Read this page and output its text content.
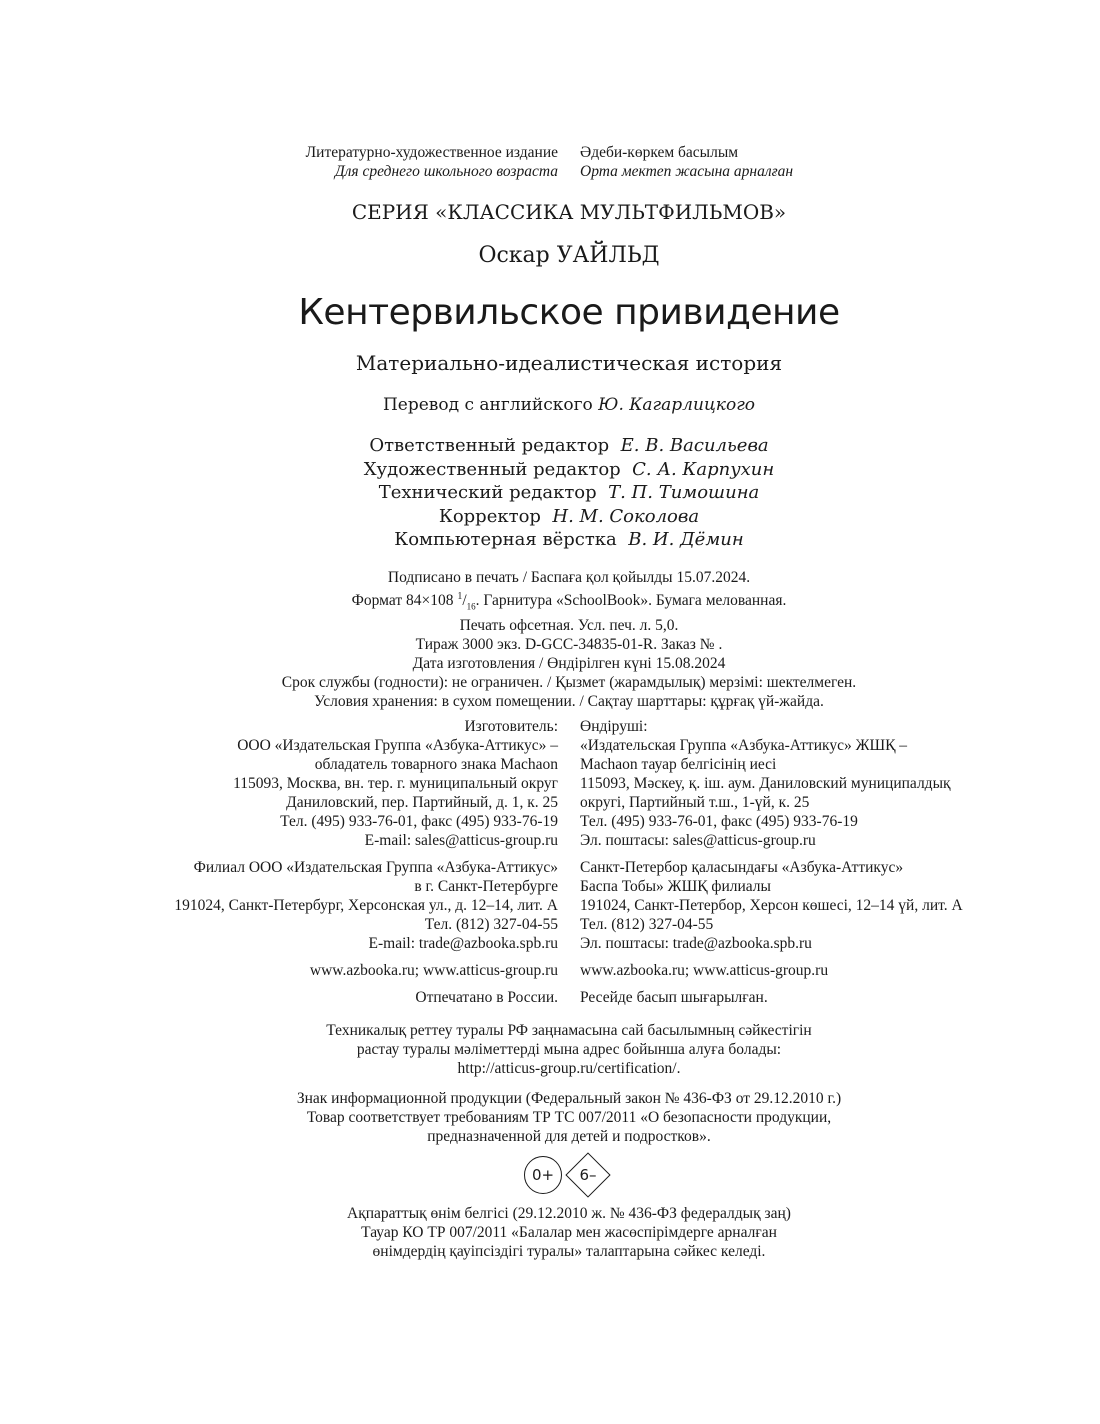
Литературно-художественное издание Әдеби-көркем басылым
Для среднего школьного возраста Орта мектеп жасына арналған
СЕРИЯ «КЛАССИКА МУЛЬТФИЛЬМОВ»
Оскар УАЙЛЬД
Кентервильское привидение
Материально-идеалистическая история
Перевод с английского Ю. Кагарлицкого
Ответственный редактор Е. В. Васильева
Художественный редактор С. А. Карпухин
Технический редактор Т. П. Тимошина
Корректор Н. М. Соколова
Компьютерная вёрстка В. И. Дёмин
Подписано в печать / Баспаға қол қойылды 15.07.2024.
Формат 84×108 $^1/_{16}$. Гарнитура «SchoolBook». Бумага мелованная.
Печать офсетная. Усл. печ. л. 5,0.
Тираж 3000 экз. D-GCC-34835-01-R. Заказ № .
Дата изготовления / Өндірілген күні 15.08.2024
Срок службы (годности): не ограничен. / Қызмет (жарамдылық) мерзімі: шектелмеген.
Условия хранения: в сухом помещении. / Сақтау шарттары: құрғақ үй-жайда.
Изготовитель: Өндіруші:
ООО «Издательская Группа «Азбука-Аттикус» – «Издательская Группа «Азбука-Аттикус» ЖШҚ –
обладатель товарного знака Machaon Machaon тауар белгісінің иесі
115093, Москва, вн. тер. г. муниципальный округ 115093, Мәскеу, қ. іш. аум. Даниловский муниципалдық
Даниловский, пер. Партийный, д. 1, к. 25 округі, Партийный т.ш., 1-үй, к. 25
Тел. (495) 933-76-01, факс (495) 933-76-19 Тел. (495) 933-76-01, факс (495) 933-76-19
E-mail: sales@atticus-group.ru Эл. поштасы: sales@atticus-group.ru
Филиал ООО «Издательская Группа «Азбука-Аттикус» Санкт-Петербор қаласындағы «Азбука-Аттикус»
в г. Санкт-Петербурге Баспа Тобы» ЖШҚ филиалы
191024, Санкт-Петербург, Херсонская ул., д. 12–14, лит. А 191024, Санкт-Петербор, Херсон көшесі, 12–14 үй, лит. А
Тел. (812) 327-04-55 Тел. (812) 327-04-55
E-mail: trade@azbooka.spb.ru Эл. поштасы: trade@azbooka.spb.ru
www.azbooka.ru; www.atticus-group.ru www.azbooka.ru; www.atticus-group.ru
Отпечатано в России. Ресейде басып шығарылған.
Техникалық реттеу туралы РФ заңнамасына сай басылымның сәйкестігін
растау туралы мәліметтерді мына адрес бойынша алуға болады:
http://atticus-group.ru/certification/.
Знак информационной продукции (Федеральный закон № 436-ФЗ от 29.12.2010 г.)
Товар соответствует требованиям ТР ТС 007/2011 «О безопасности продукции,
предназначенной для детей и подростков».
0+	6–
Ақпараттық өнім белгісі (29.12.2010 ж. № 436-ФЗ федералдық заң)
Тауар КО ТР 007/2011 «Балалар мен жасөспірімдерге арналған
өнімдердің қауіпсіздігі туралы» талаптарына сәйкес келеді.
